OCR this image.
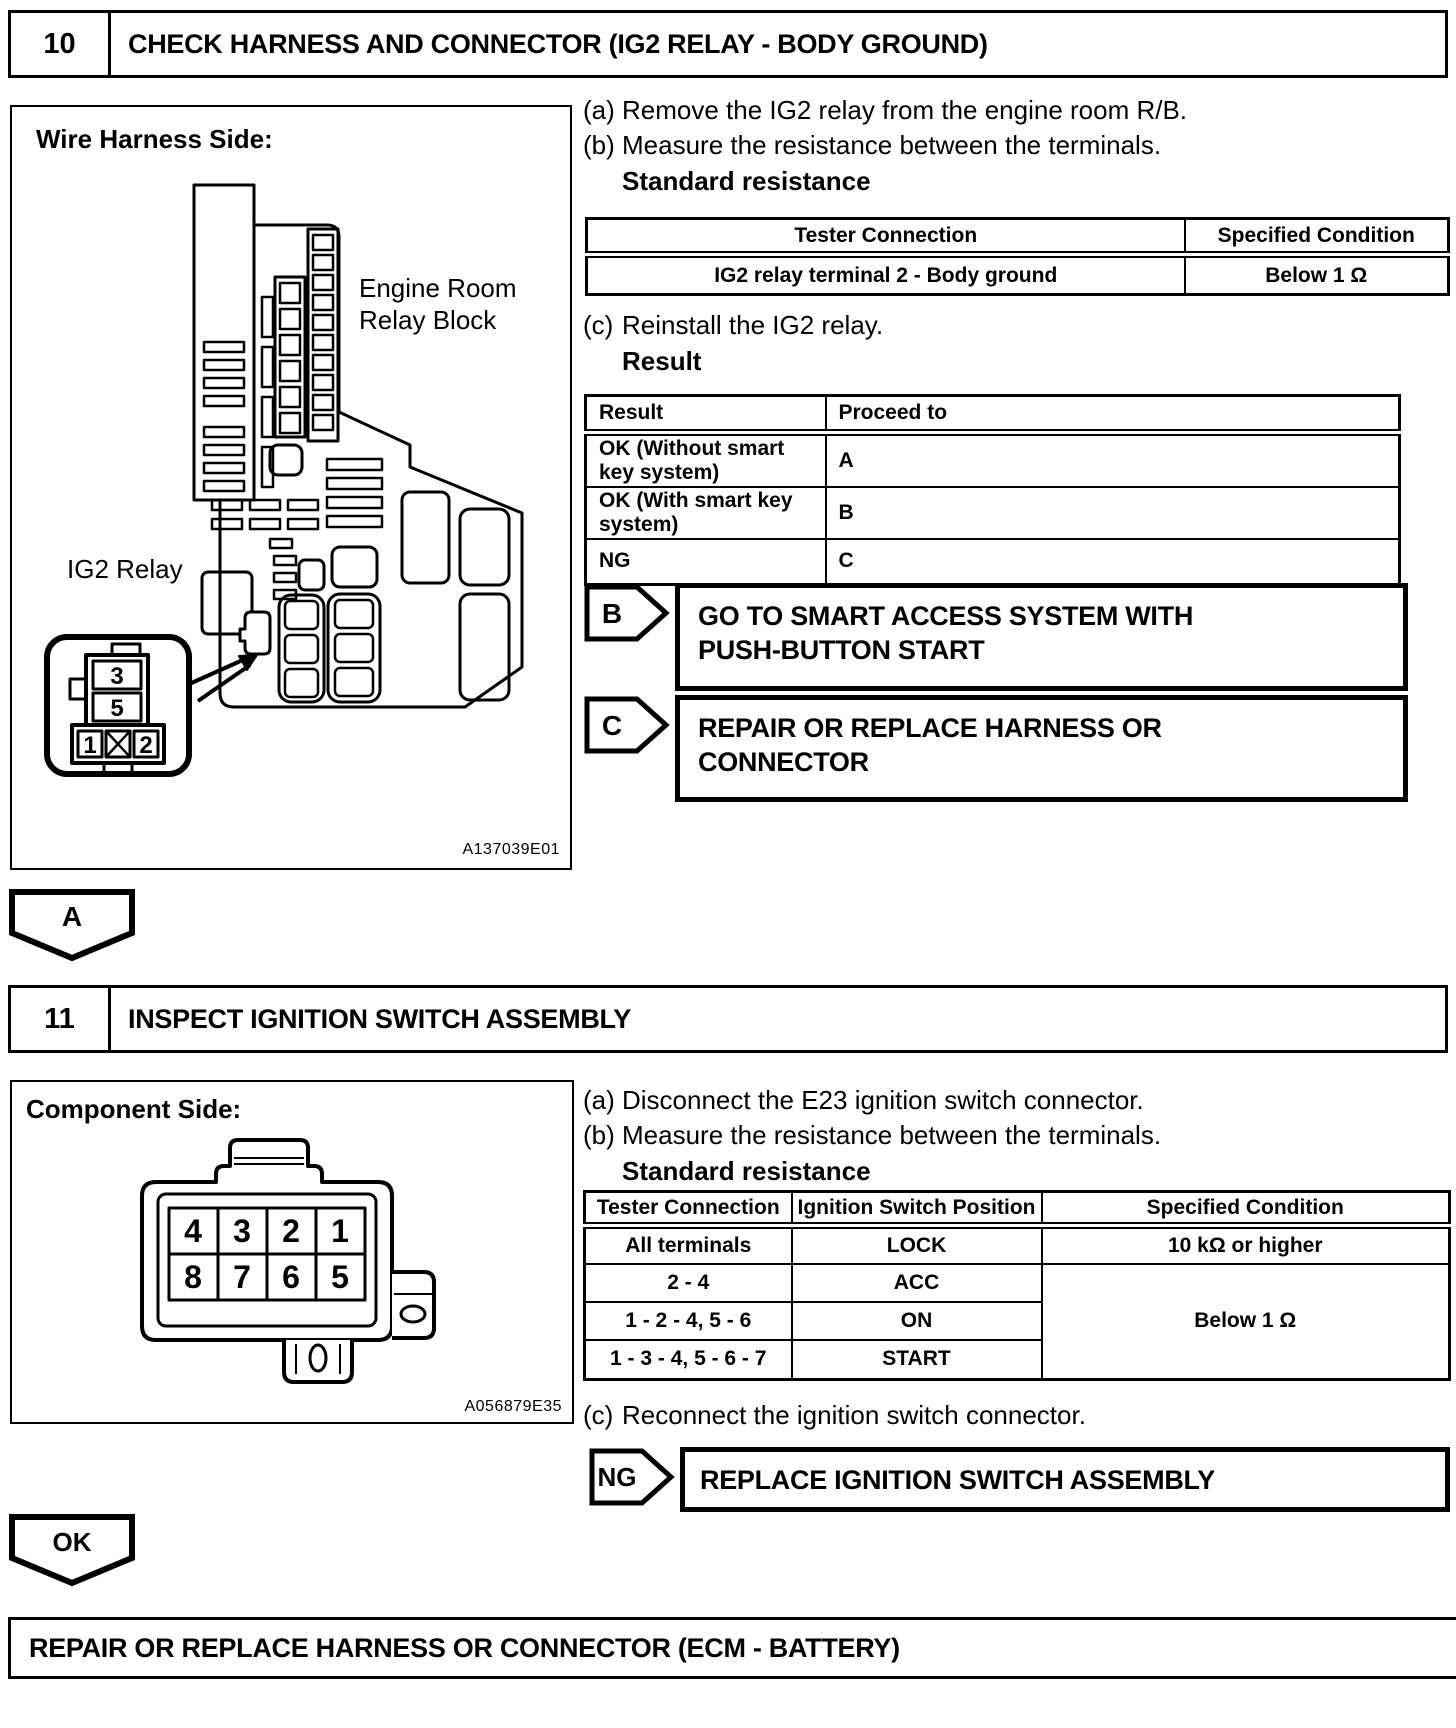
10	CHECK HARNESS AND CONNECTOR (IG2 RELAY - BODY GROUND)
3
5
1 2
Wire Harness Side:
Engine Room
Relay Block
IG2 Relay
A137039E01
(a) Remove the IG2 relay from the engine room R/B.
(b) Measure the resistance between the terminals.
Standard resistance
Tester Connection	Specified Condition
IG2 relay terminal 2 - Body ground	Below 1 Ω
(c) Reinstall the IG2 relay.
Result
Result	Proceed to
OK (Without smart key system)	A
OK (With smart key system)	B
NG	C
B	GO TO SMART ACCESS SYSTEM WITH
PUSH-BUTTON START
C	REPAIR OR REPLACE HARNESS OR
CONNECTOR
A
11	INSPECT IGNITION SWITCH ASSEMBLY
4 3 2 1
8 7 6 5
Component Side:
A056879E35
(a) Disconnect the E23 ignition switch connector.
(b) Measure the resistance between the terminals.
Standard resistance
Tester Connection	Ignition Switch Position	Specified Condition
All terminals	LOCK	10 kΩ or higher
2 - 4	ACC	Below 1 Ω
1 - 2 - 4, 5 - 6	ON	
1 - 3 - 4, 5 - 6 - 7	START	
(c) Reconnect the ignition switch connector.
NG REPLACE IGNITION SWITCH ASSEMBLY
OK
REPAIR OR REPLACE HARNESS OR CONNECTOR (ECM - BATTERY)
